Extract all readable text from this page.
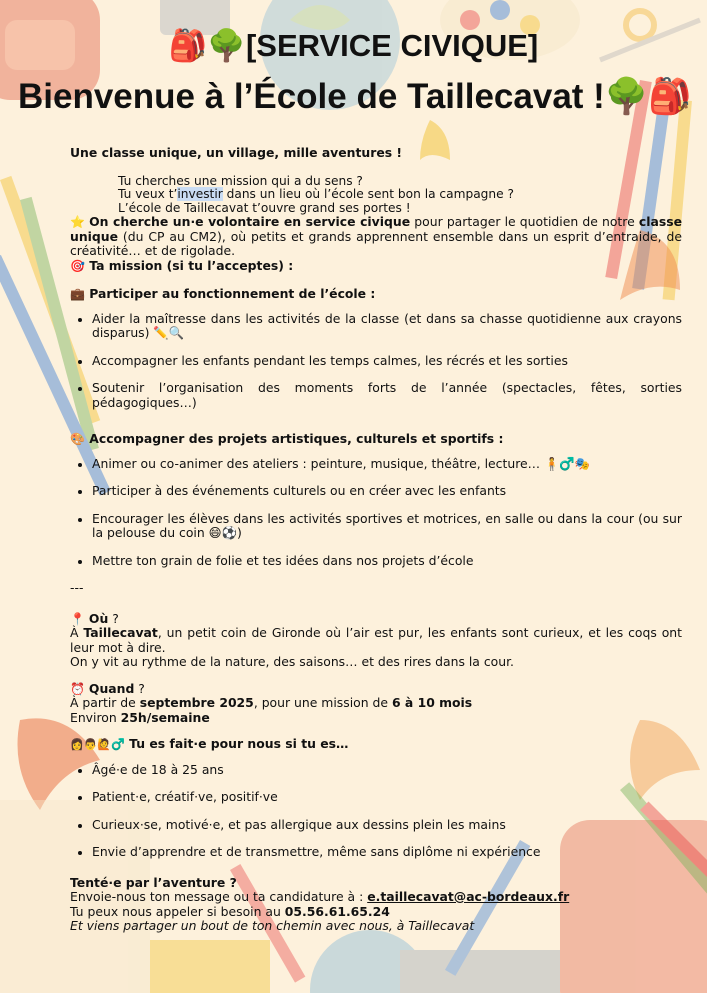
🎒🌳[SERVICE CIVIQUE]
Bienvenue à l’École de Taillecavat !🌳🎒

Une classe unique, un village, mille aventures !

Tu cherches une mission qui a du sens ?

Tu veux t’investir dans un lieu où l’école sent bon la campagne ?

L’école de Taillecavat t’ouvre grand ses portes !

⭐ On cherche un·e volontaire en service civique pour partager le quotidien de notre classe unique (du CP au CM2), où petits et grands apprennent ensemble dans un esprit d’entraide, de créativité… et de rigolade.

🎯 Ta mission (si tu l’acceptes) :

💼 Participer au fonctionnement de l’école :

• Aider la maîtresse dans les activités de la classe (et dans sa chasse quotidienne aux crayons disparus) ✏️🔍
• Accompagner les enfants pendant les temps calmes, les récrés et les sorties
• Soutenir l’organisation des moments forts de l’année (spectacles, fêtes, sorties pédagogiques…)

🎨 Accompagner des projets artistiques, culturels et sportifs :

• Animer ou co-animer des ateliers : peinture, musique, théâtre, lecture… 🧍♂️🎭
• Participer à des événements culturels ou en créer avec les enfants
• Encourager les élèves dans les activités sportives et motrices, en salle ou dans la cour (ou sur la pelouse du coin 😄⚽)
• Mettre ton grain de folie et tes idées dans nos projets d’école

---

📍 Où ?

À Taillecavat, un petit coin de Gironde où l’air est pur, les enfants sont curieux, et les coqs ont leur mot à dire.

On y vit au rythme de la nature, des saisons… et des rires dans la cour.

⏰ Quand ?

À partir de septembre 2025, pour une mission de 6 à 10 mois

Environ 25h/semaine

👩👨🙋♂️ Tu es fait·e pour nous si tu es…

• Âgé·e de 18 à 25 ans
• Patient·e, créatif·ve, positif·ve
• Curieux·se, motivé·e, et pas allergique aux dessins plein les mains
• Envie d’apprendre et de transmettre, même sans diplôme ni expérience

Tenté·e par l’aventure ?

Envoie-nous ton message ou ta candidature à : e.taillecavat@ac-bordeaux.fr

Tu peux nous appeler si besoin au 05.56.61.65.24

Et viens partager un bout de ton chemin avec nous, à Taillecavat
